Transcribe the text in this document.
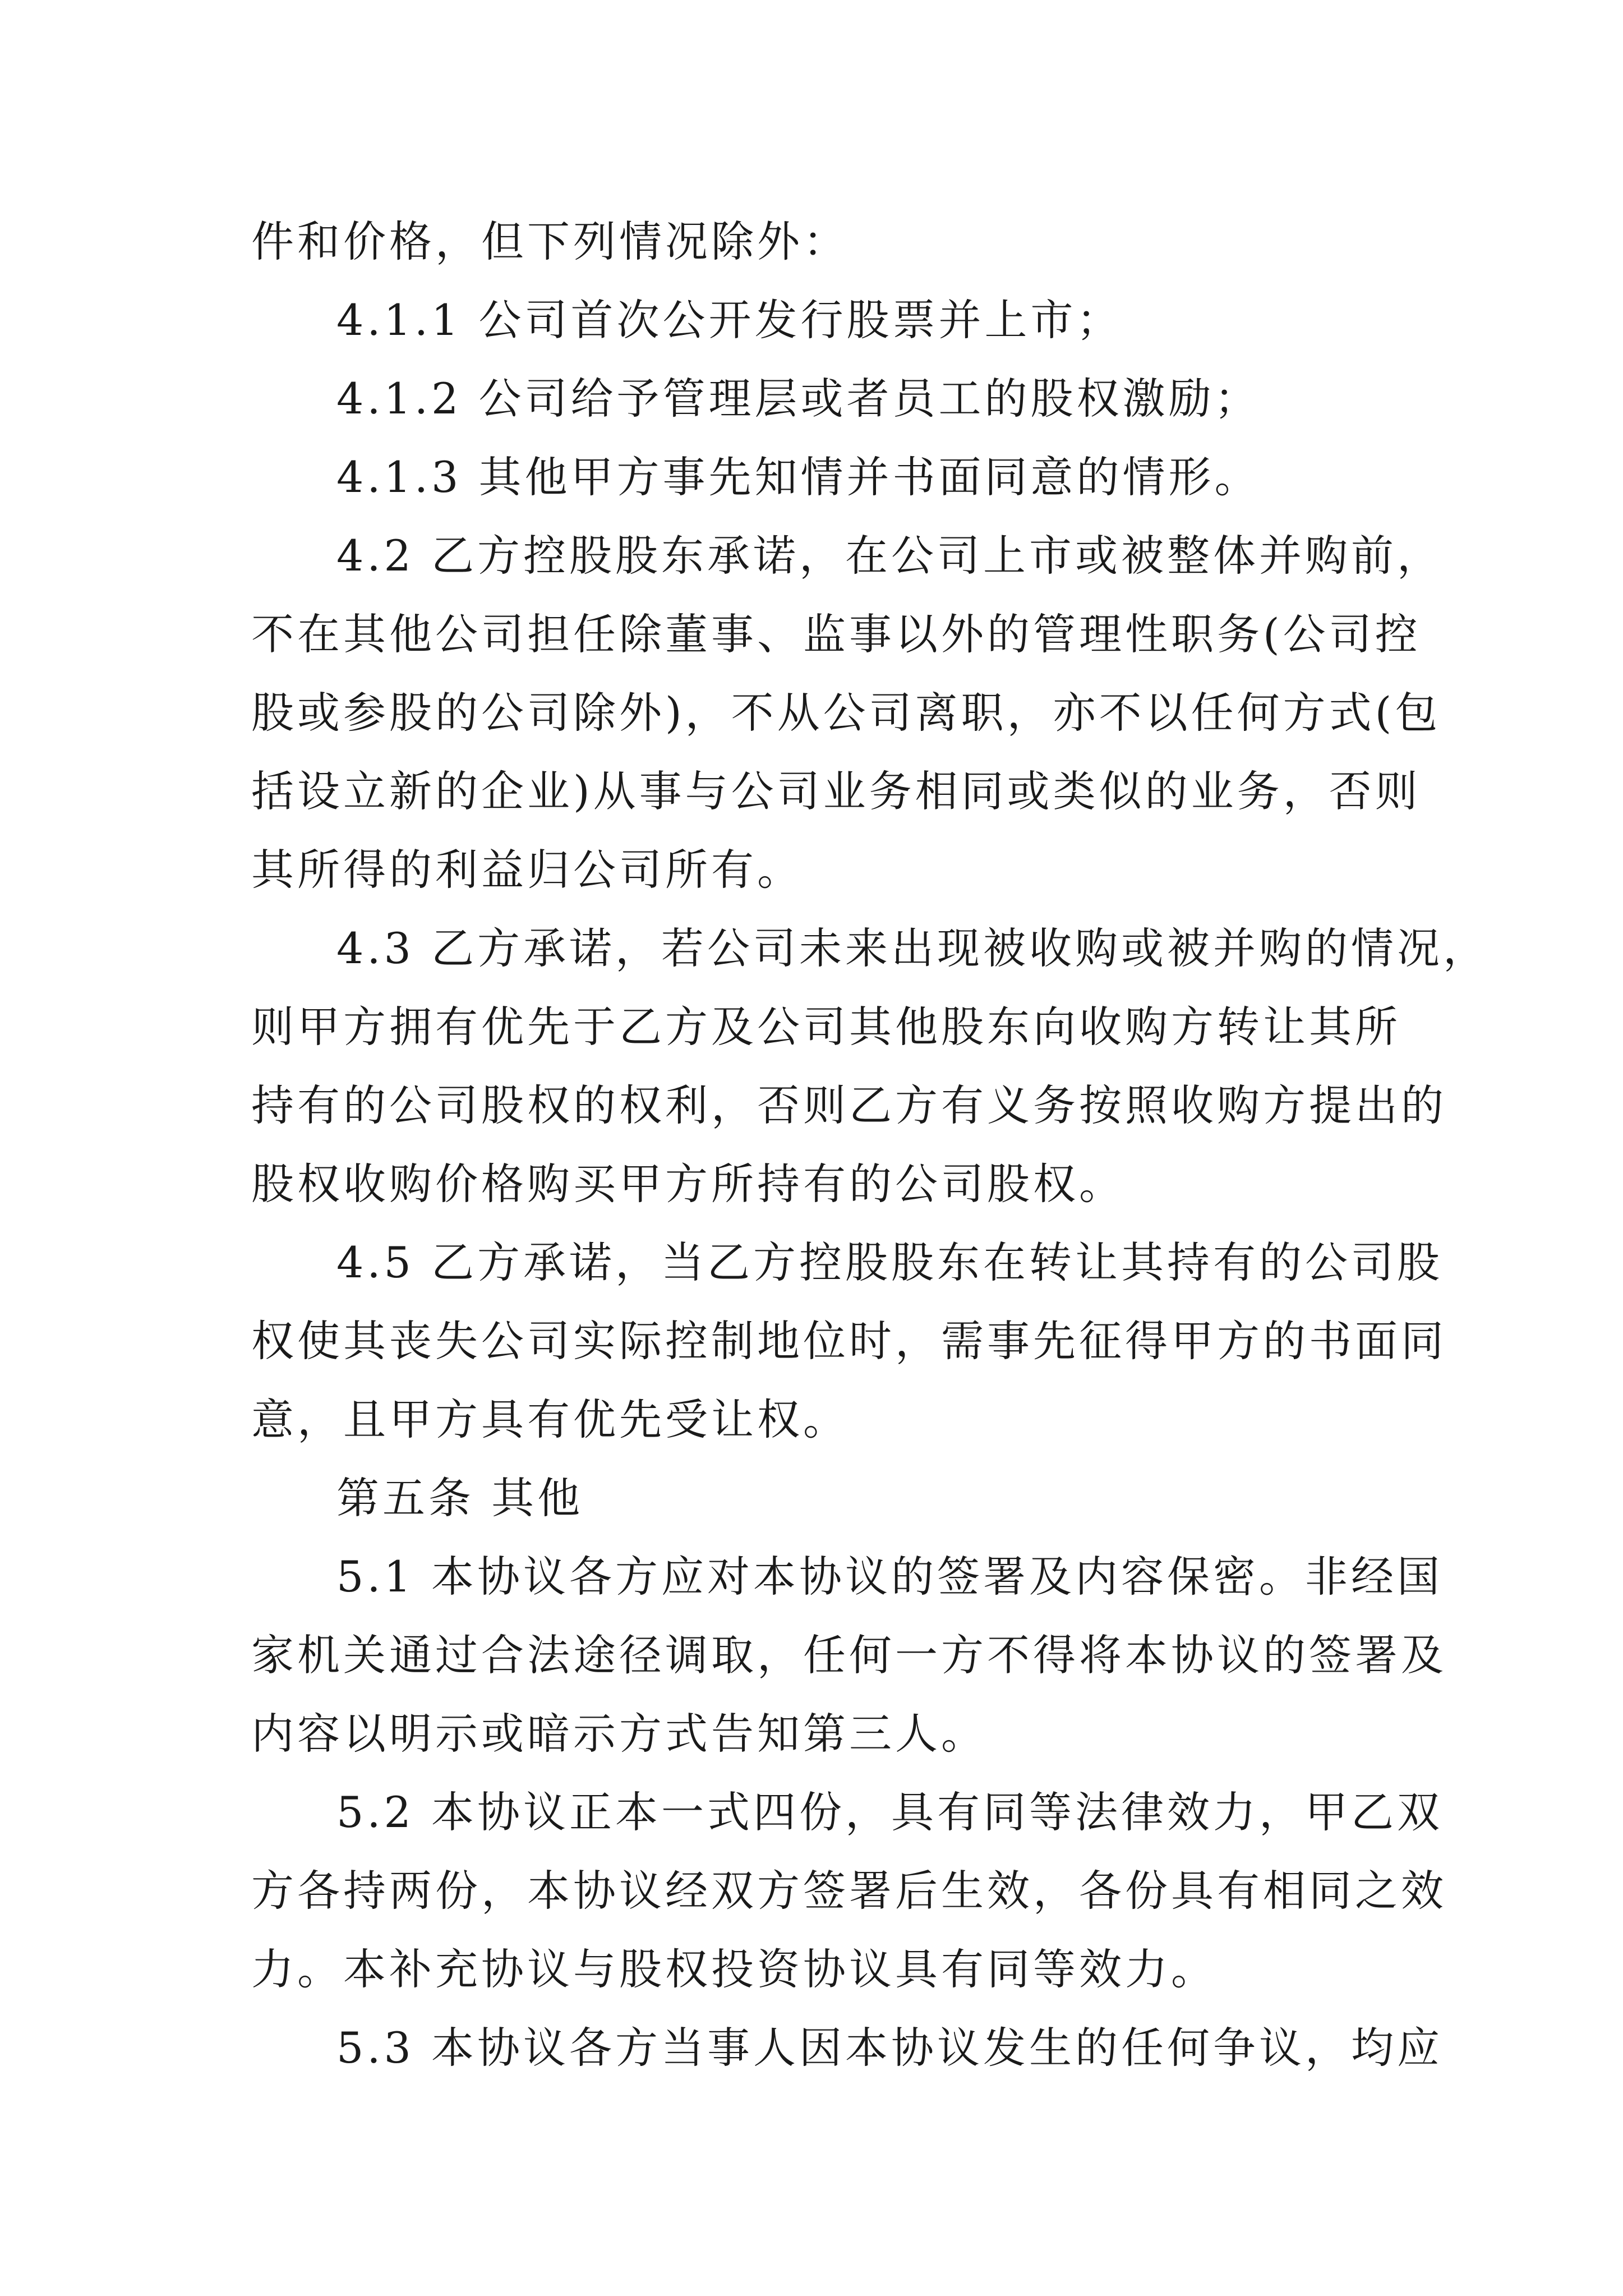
件和价格，但下列情况除外：

4.1.1 公司首次公开发行股票并上市；

4.1.2 公司给予管理层或者员工的股权激励；

4.1.3 其他甲方事先知情并书面同意的情形。

4.2 乙方控股股东承诺，在公司上市或被整体并购前，

不在其他公司担任除董事、监事以外的管理性职务(公司控

股或参股的公司除外)，不从公司离职，亦不以任何方式(包

括设立新的企业)从事与公司业务相同或类似的业务，否则

其所得的利益归公司所有。

4.3 乙方承诺，若公司未来出现被收购或被并购的情况，

则甲方拥有优先于乙方及公司其他股东向收购方转让其所

持有的公司股权的权利，否则乙方有义务按照收购方提出的

股权收购价格购买甲方所持有的公司股权。

4.5 乙方承诺，当乙方控股股东在转让其持有的公司股

权使其丧失公司实际控制地位时，需事先征得甲方的书面同

意，且甲方具有优先受让权。

第五条 其他

5.1 本协议各方应对本协议的签署及内容保密。非经国

家机关通过合法途径调取，任何一方不得将本协议的签署及

内容以明示或暗示方式告知第三人。

5.2 本协议正本一式四份，具有同等法律效力，甲乙双

方各持两份，本协议经双方签署后生效，各份具有相同之效

力。本补充协议与股权投资协议具有同等效力。

5.3 本协议各方当事人因本协议发生的任何争议，均应
